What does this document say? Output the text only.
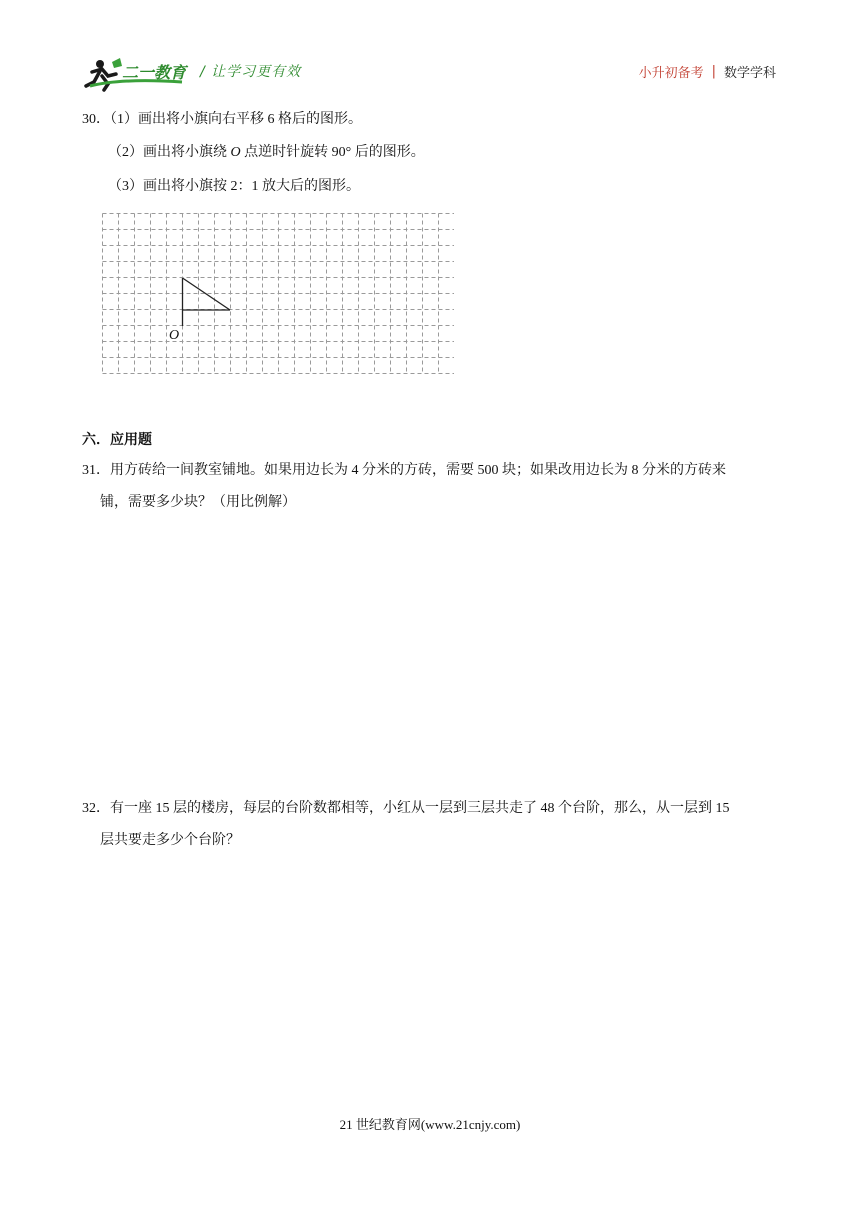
二一教育 / 让学习更有效	小升初备考 | 数学学科
30．（1）画出将小旗向右平移 6 格后的图形。
（2）画出将小旗绕 O 点逆时针旋转 90° 后的图形。
（3）画出将小旗按 2：1 放大后的图形。
O
六．应用题
31．用方砖给一间教室铺地。如果用边长为 4 分米的方砖，需要 500 块；如果改用边长为 8 分米的方砖来
铺，需要多少块？（用比例解）
32．有一座 15 层的楼房，每层的台阶数都相等，小红从一层到三层共走了 48 个台阶，那么，从一层到 15
层共要走多少个台阶？
21 世纪教育网(www.21cnjy.com)
